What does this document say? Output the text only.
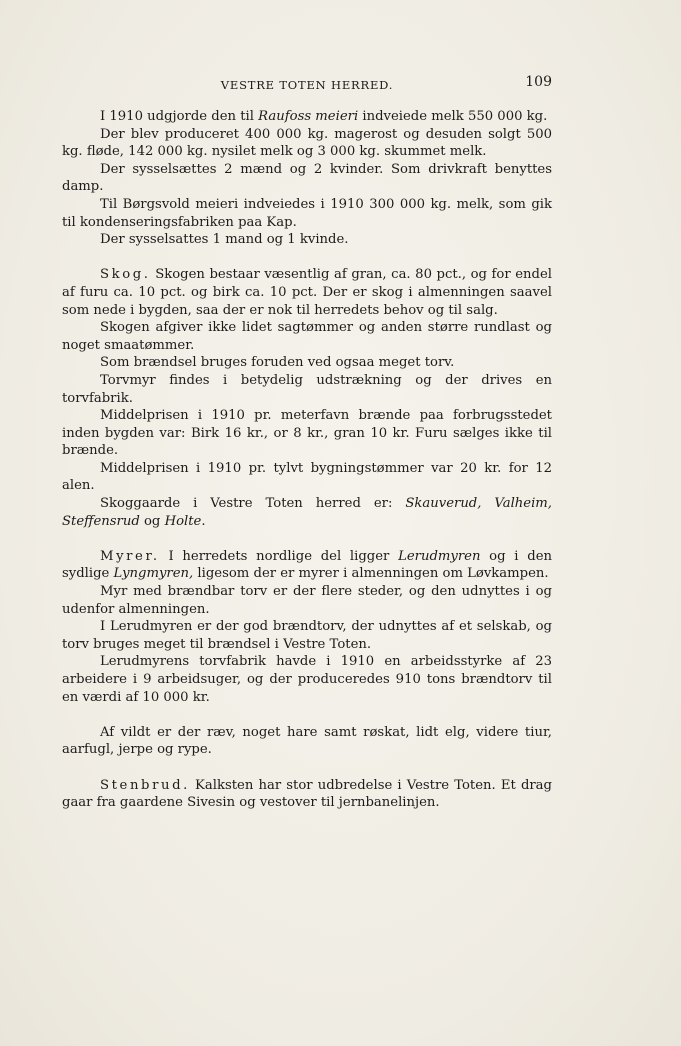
VESTRE TOTEN HERRED.	109

I 1910 udgjorde den til Raufoss meieri indveiede melk 550 000 kg.

Der blev produceret 400 000 kg. magerost og desuden solgt 500 kg. fløde, 142 000 kg. nysilet melk og 3 000 kg. skummet melk.

Der sysselsættes 2 mænd og 2 kvinder. Som drivkraft benyttes damp.

Til Børgsvold meieri indveiedes i 1910 300 000 kg. melk, som gik til kondenseringsfabriken paa Kap.

Der sysselsattes 1 mand og 1 kvinde.

Skog. Skogen bestaar væsentlig af gran, ca. 80 pct., og for endel af furu ca. 10 pct. og birk ca. 10 pct. Der er skog i almenningen saavel som nede i bygden, saa der er nok til herredets behov og til salg.

Skogen afgiver ikke lidet sagtømmer og anden større rundlast og noget smaatømmer.

Som brændsel bruges foruden ved ogsaa meget torv.

Torvmyr findes i betydelig udstrækning og der drives en torvfabrik.

Middelprisen i 1910 pr. meterfavn brænde paa forbrugsstedet inden bygden var: Birk 16 kr., or 8 kr., gran 10 kr. Furu sælges ikke til brænde.

Middelprisen i 1910 pr. tylvt bygningstømmer var 20 kr. for 12 alen.

Skoggaarde i Vestre Toten herred er: Skauverud, Valheim, Steffensrud og Holte.

Myrer. I herredets nordlige del ligger Lerudmyren og i den sydlige Lyngmyren, ligesom der er myrer i almenningen om Løvkampen.

Myr med brændbar torv er der flere steder, og den udnyttes i og udenfor almenningen.

I Lerudmyren er der god brændtorv, der udnyttes af et selskab, og torv bruges meget til brændsel i Vestre Toten.

Lerudmyrens torvfabrik havde i 1910 en arbeidsstyrke af 23 arbeidere i 9 arbeidsuger, og der produceredes 910 tons brændtorv til en værdi af 10 000 kr.

Af vildt er der ræv, noget hare samt røskat, lidt elg, videre tiur, aarfugl, jerpe og rype.

Stenbrud. Kalksten har stor udbredelse i Vestre Toten. Et drag gaar fra gaardene Sivesin og vestover til jernbanelinjen.
